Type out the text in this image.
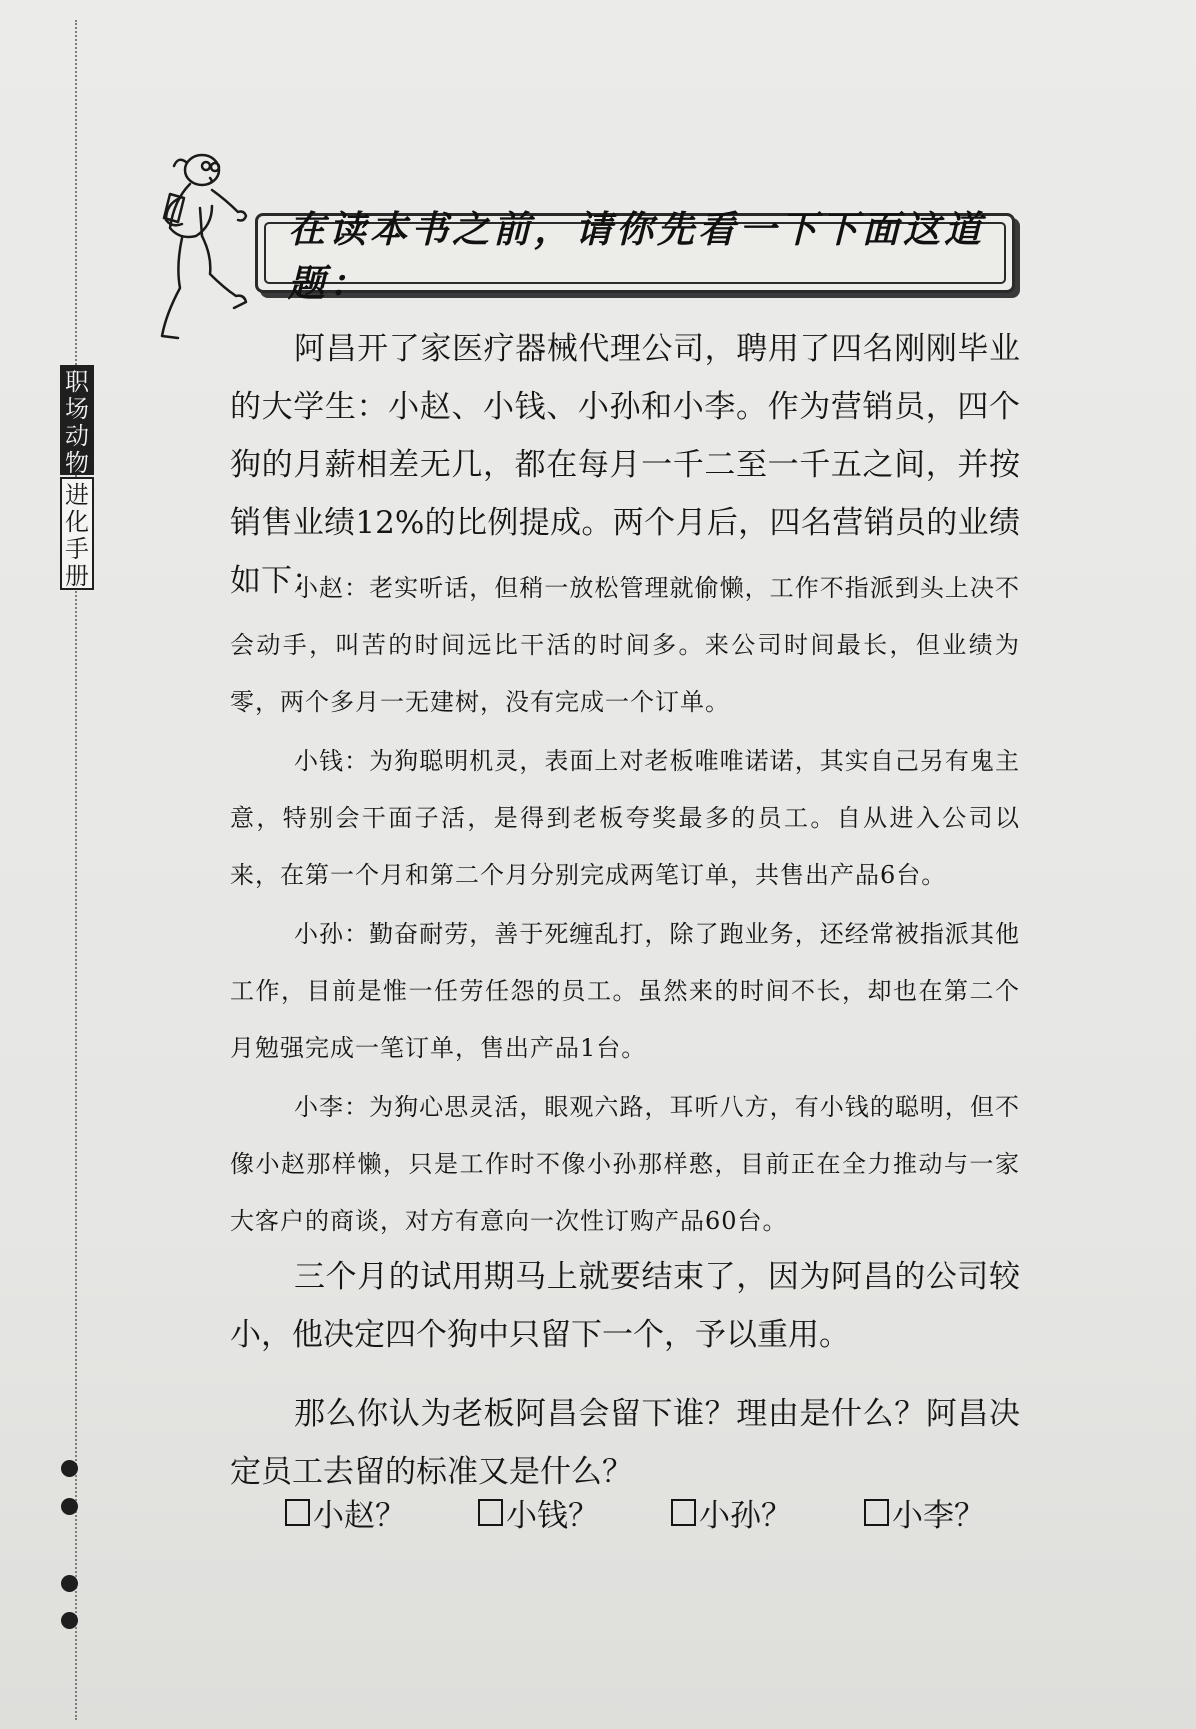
职
场
动
物
进
化
手
册
在读本书之前，请你先看一下下面这道题：

阿昌开了家医疗器械代理公司，聘用了四名刚刚毕业的大学生：小赵、小钱、小孙和小李。作为营销员，四个狗的月薪相差无几，都在每月一千二至一千五之间，并按销售业绩12%的比例提成。两个月后，四名营销员的业绩如下：

小赵：老实听话，但稍一放松管理就偷懒，工作不指派到头上决不会动手，叫苦的时间远比干活的时间多。来公司时间最长，但业绩为零，两个多月一无建树，没有完成一个订单。

小钱：为狗聪明机灵，表面上对老板唯唯诺诺，其实自己另有鬼主意，特别会干面子活，是得到老板夸奖最多的员工。自从进入公司以来，在第一个月和第二个月分别完成两笔订单，共售出产品6台。

小孙：勤奋耐劳，善于死缠乱打，除了跑业务，还经常被指派其他工作，目前是惟一任劳任怨的员工。虽然来的时间不长，却也在第二个月勉强完成一笔订单，售出产品1台。

小李：为狗心思灵活，眼观六路，耳听八方，有小钱的聪明，但不像小赵那样懒，只是工作时不像小孙那样憨，目前正在全力推动与一家大客户的商谈，对方有意向一次性订购产品60台。

三个月的试用期马上就要结束了，因为阿昌的公司较小，他决定四个狗中只留下一个，予以重用。

那么你认为老板阿昌会留下谁？理由是什么？阿昌决定员工去留的标准又是什么？

小赵？	小钱？	小孙？	小李？
